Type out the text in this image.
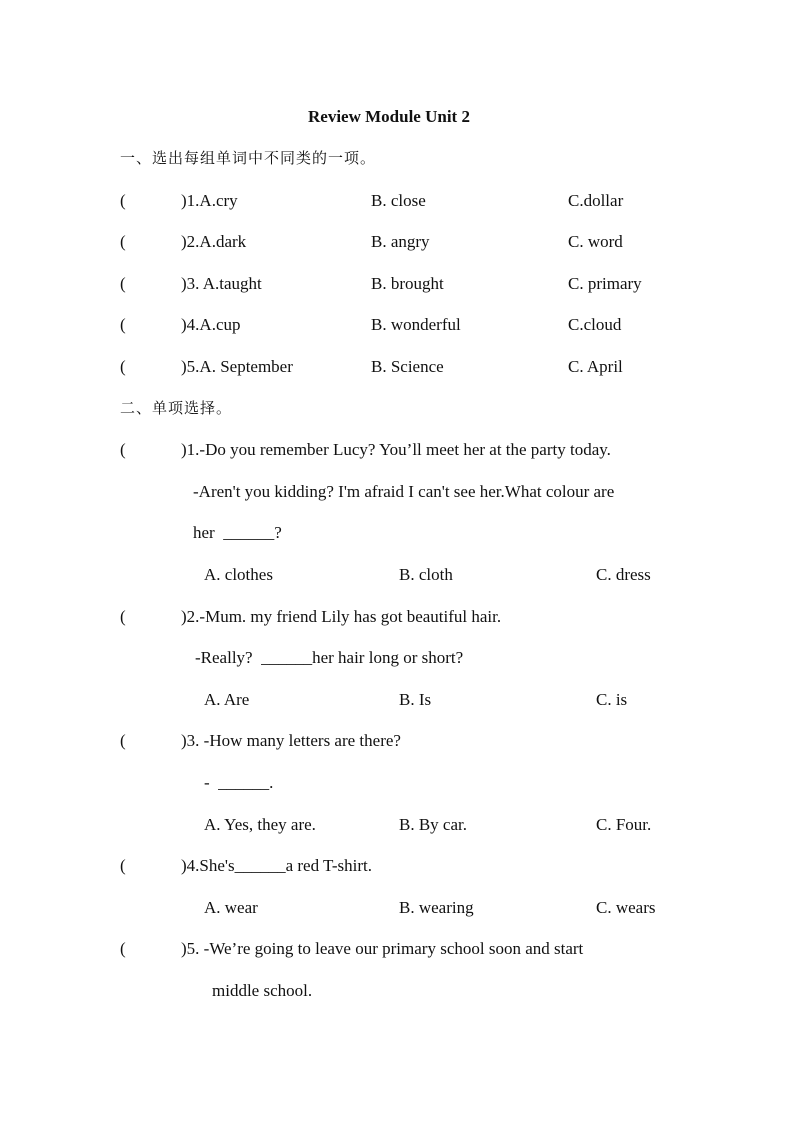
Review Module Unit 2
一、选出每组单词中不同类的一项。
(	)1.A.cry	B. close	C.dollar
(	)2.A.dark	B. angry	C. word
(	)3. A.taught	B. brought	C. primary
(	)4.A.cup	B. wonderful	C.cloud
(	)5.A. September	B. Science	C. April
二、单项选择。
(	)1.-Do you remember Lucy? You’ll meet her at the party today.
-Aren't you kidding? I'm afraid I can't see her.What colour are
her  ______?
A. clothes	B. cloth	C. dress
(	)2.-Mum. my friend Lily has got beautiful hair.
-Really?  ______her hair long or short?
A. Are	B. Is	C. is
(	)3. -How many letters are there?
-  ______.
A. Yes, they are.	B. By car.	C. Four.
(	)4.She's______a red T-shirt.
A. wear	B. wearing	C. wears
(	)5. -We’re going to leave our primary school soon and start
middle school.
